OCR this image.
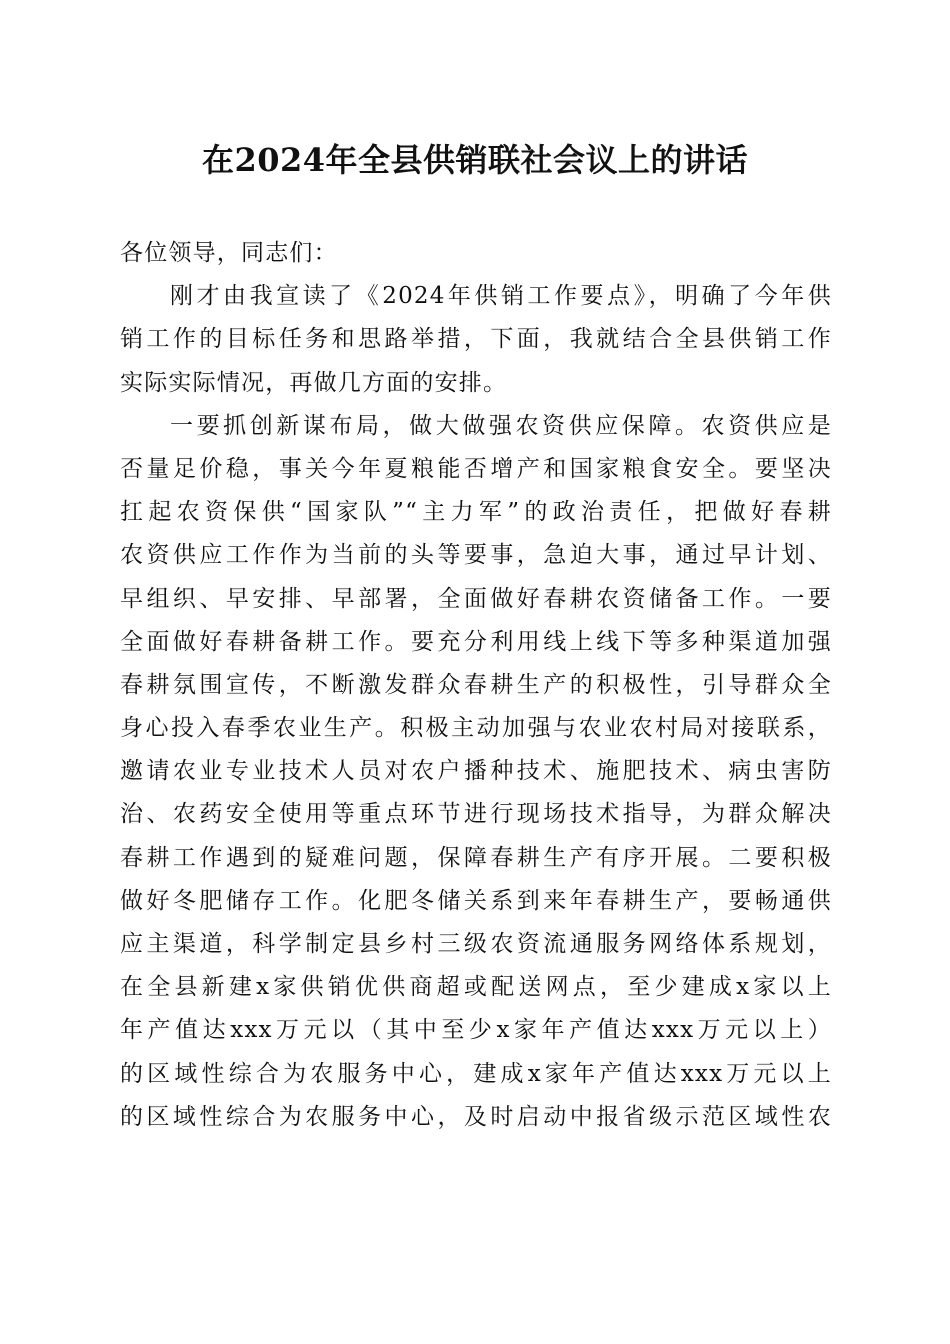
在2024年全县供销联社会议上的讲话
各位领导，同志们：
刚才由我宣读了《2024年供销工作要点》，明确了今年供
销工作的目标任务和思路举措，下面，我就结合全县供销工作
实际实际情况，再做几方面的安排。
一要抓创新谋布局，做大做强农资供应保障。农资供应是
否量足价稳，事关今年夏粮能否增产和国家粮食安全。要坚决
扛起农资保供“国家队”“主力军”的政治责任，把做好春耕
农资供应工作作为当前的头等要事，急迫大事，通过早计划、
早组织、早安排、早部署，全面做好春耕农资储备工作。一要
全面做好春耕备耕工作。要充分利用线上线下等多种渠道加强
春耕氛围宣传，不断激发群众春耕生产的积极性，引导群众全
身心投入春季农业生产。积极主动加强与农业农村局对接联系，
邀请农业专业技术人员对农户播种技术、施肥技术、病虫害防
治、农药安全使用等重点环节进行现场技术指导，为群众解决
春耕工作遇到的疑难问题，保障春耕生产有序开展。二要积极
做好冬肥储存工作。化肥冬储关系到来年春耕生产，要畅通供
应主渠道，科学制定县乡村三级农资流通服务网络体系规划，
在全县新建x家供销优供商超或配送网点，至少建成x家以上
年产值达xxx万元以（其中至少x家年产值达xxx万元以上）
的区域性综合为农服务中心，建成x家年产值达xxx万元以上
的区域性综合为农服务中心，及时启动中报省级示范区域性农
